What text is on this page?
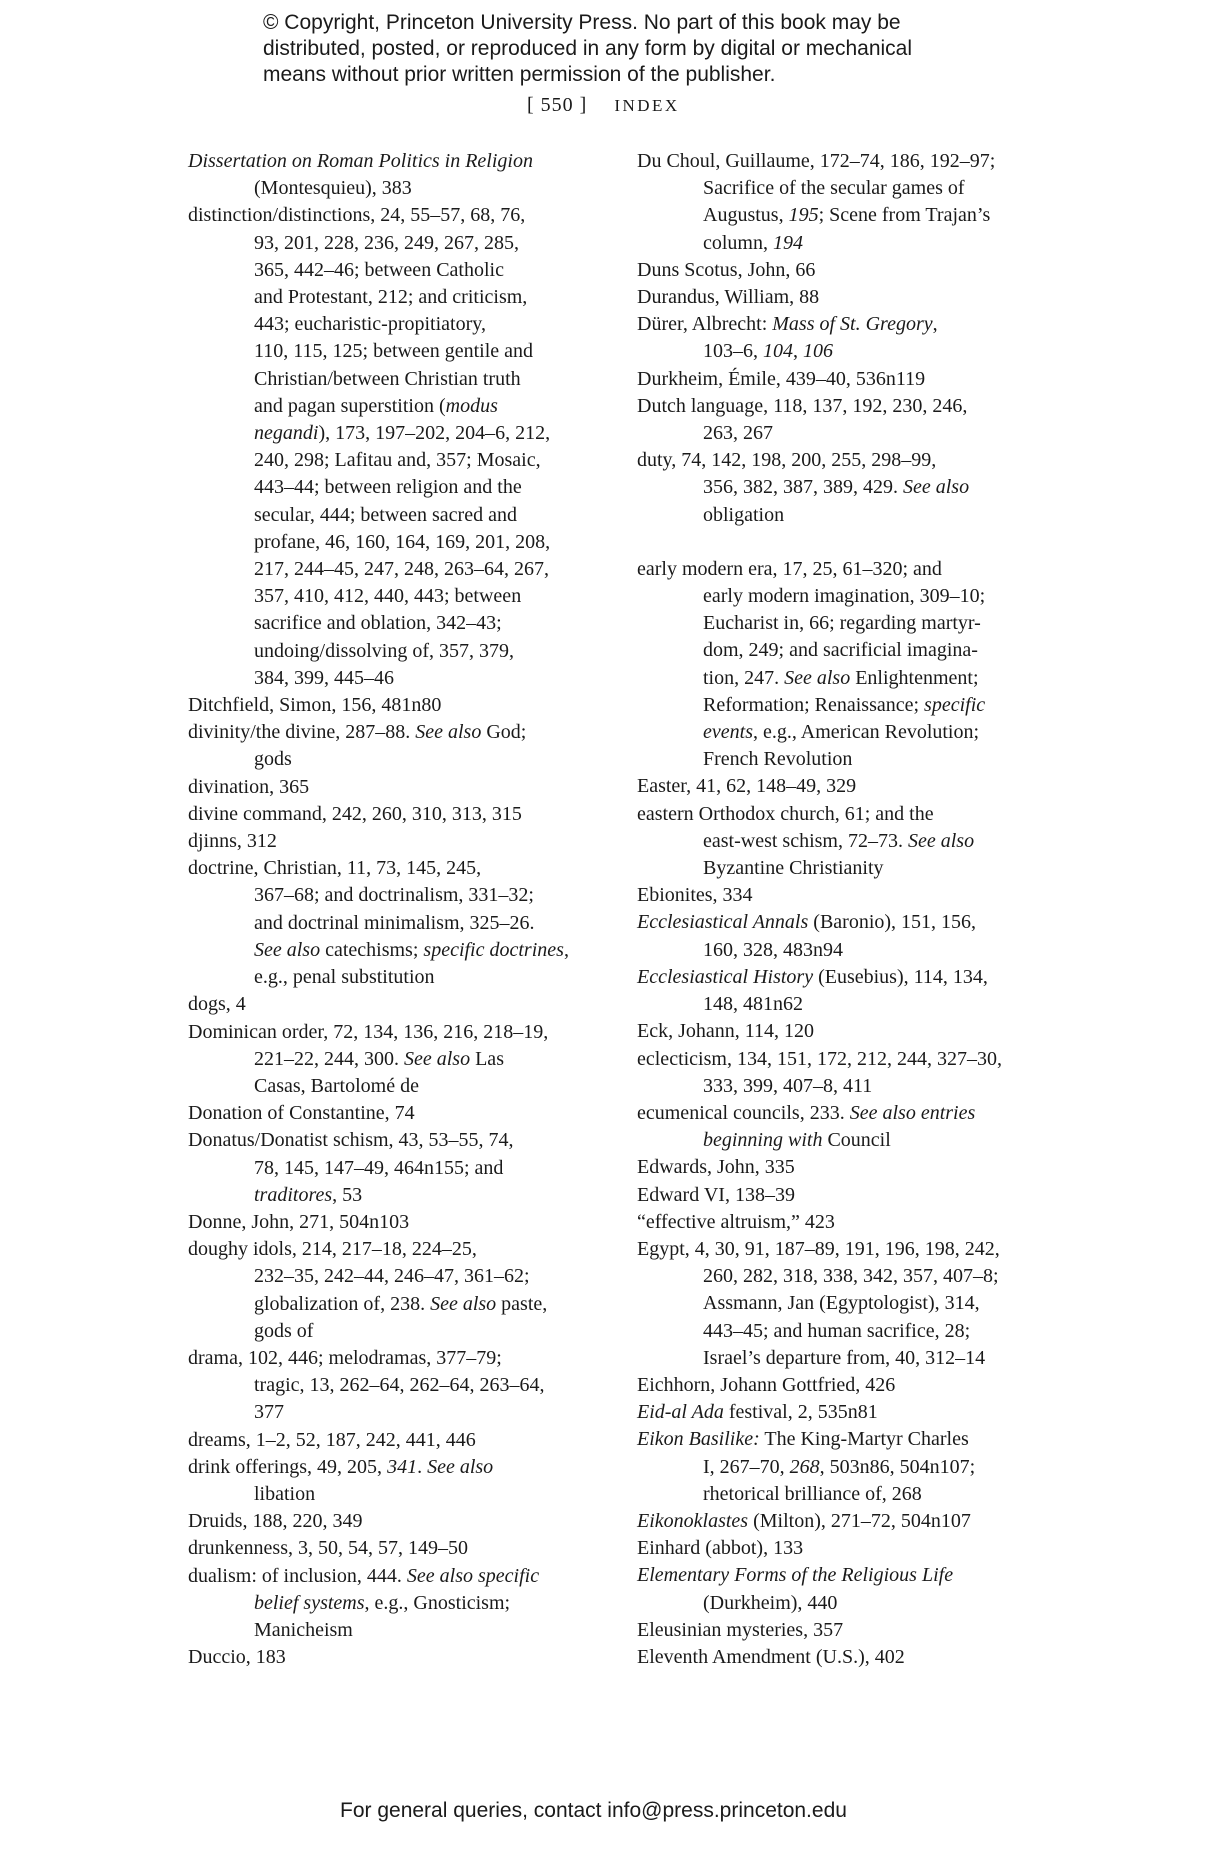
© Copyright, Princeton University Press. No part of this book may be
distributed, posted, or reproduced in any form by digital or mechanical
means without prior written permission of the publisher.
[ 550 ] INDEX
Dissertation on Roman Politics in Religion
(Montesquieu), 383
distinction/distinctions, 24, 55–57, 68, 76,
93, 201, 228, 236, 249, 267, 285,
365, 442–46; between Catholic
and Protestant, 212; and criticism,
443; eucharistic-propitiatory,
110, 115, 125; between gentile and
Christian/between Christian truth
and pagan superstition (modus
negandi), 173, 197–202, 204–6, 212,
240, 298; Lafitau and, 357; Mosaic,
443–44; between religion and the
secular, 444; between sacred and
profane, 46, 160, 164, 169, 201, 208,
217, 244–45, 247, 248, 263–64, 267,
357, 410, 412, 440, 443; between
sacrifice and oblation, 342–43;
undoing/dissolving of, 357, 379,
384, 399, 445–46
Ditchfield, Simon, 156, 481n80
divinity/the divine, 287–88. See also God;
gods
divination, 365
divine command, 242, 260, 310, 313, 315
djinns, 312
doctrine, Christian, 11, 73, 145, 245,
367–68; and doctrinalism, 331–32;
and doctrinal minimalism, 325–26.
See also catechisms; specific doctrines,
e.g., penal substitution
dogs, 4
Dominican order, 72, 134, 136, 216, 218–19,
221–22, 244, 300. See also Las
Casas, Bartolomé de
Donation of Constantine, 74
Donatus/Donatist schism, 43, 53–55, 74,
78, 145, 147–49, 464n155; and
traditores, 53
Donne, John, 271, 504n103
doughy idols, 214, 217–18, 224–25,
232–35, 242–44, 246–47, 361–62;
globalization of, 238. See also paste,
gods of
drama, 102, 446; melodramas, 377–79;
tragic, 13, 262–64, 262–64, 263–64,
377
dreams, 1–2, 52, 187, 242, 441, 446
drink offerings, 49, 205, 341. See also
libation
Druids, 188, 220, 349
drunkenness, 3, 50, 54, 57, 149–50
dualism: of inclusion, 444. See also specific
belief systems, e.g., Gnosticism;
Manicheism
Duccio, 183
Du Choul, Guillaume, 172–74, 186, 192–97;
Sacrifice of the secular games of
Augustus, 195; Scene from Trajan’s
column, 194
Duns Scotus, John, 66
Durandus, William, 88
Dürer, Albrecht: Mass of St. Gregory,
103–6, 104, 106
Durkheim, Émile, 439–40, 536n119
Dutch language, 118, 137, 192, 230, 246,
263, 267
duty, 74, 142, 198, 200, 255, 298–99,
356, 382, 387, 389, 429. See also
obligation
early modern era, 17, 25, 61–320; and
early modern imagination, 309–10;
Eucharist in, 66; regarding martyr-
dom, 249; and sacrificial imagina-
tion, 247. See also Enlightenment;
Reformation; Renaissance; specific
events, e.g., American Revolution;
French Revolution
Easter, 41, 62, 148–49, 329
eastern Orthodox church, 61; and the
east-west schism, 72–73. See also
Byzantine Christianity
Ebionites, 334
Ecclesiastical Annals (Baronio), 151, 156,
160, 328, 483n94
Ecclesiastical History (Eusebius), 114, 134,
148, 481n62
Eck, Johann, 114, 120
eclecticism, 134, 151, 172, 212, 244, 327–30,
333, 399, 407–8, 411
ecumenical councils, 233. See also entries
beginning with Council
Edwards, John, 335
Edward VI, 138–39
“effective altruism,” 423
Egypt, 4, 30, 91, 187–89, 191, 196, 198, 242,
260, 282, 318, 338, 342, 357, 407–8;
Assmann, Jan (Egyptologist), 314,
443–45; and human sacrifice, 28;
Israel’s departure from, 40, 312–14
Eichhorn, Johann Gottfried, 426
Eid-al Ada festival, 2, 535n81
Eikon Basilike: The King-Martyr Charles
I, 267–70, 268, 503n86, 504n107;
rhetorical brilliance of, 268
Eikonoklastes (Milton), 271–72, 504n107
Einhard (abbot), 133
Elementary Forms of the Religious Life
(Durkheim), 440
Eleusinian mysteries, 357
Eleventh Amendment (U.S.), 402
For general queries, contact info@press.princeton.edu
